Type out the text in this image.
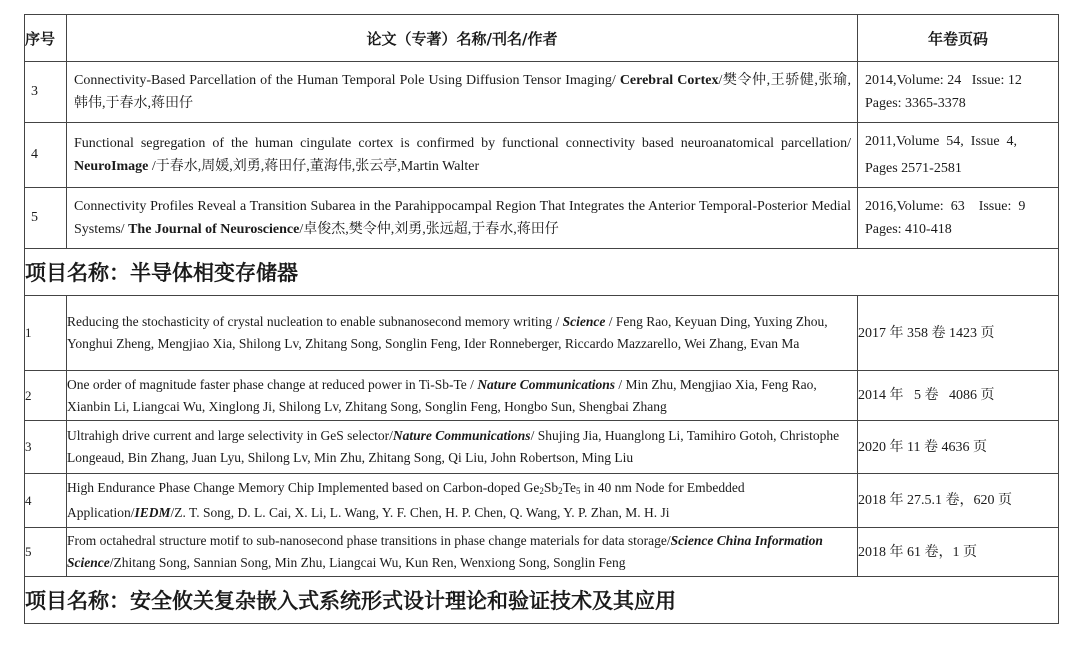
序号	论文（专著）名称/刊名/作者	年卷页码
3	Connectivity-Based Parcellation of the Human Temporal Pole Using Diffusion Tensor Imaging/ Cerebral Cortex/樊令仲,王骄健,张瑜,韩伟,于春水,蒋田仔	2014,Volume: 24   Issue: 12
Pages: 3365-3378

4	Functional segregation of the human cingulate cortex is confirmed by functional connectivity based neuroanatomical parcellation/ NeuroImage /于春水,周媛,刘勇,蒋田仔,董海伟,张云亭,Martin Walter	2011,Volume  54,  Issue  4,
Pages 2571-2581

5	Connectivity Profiles Reveal a Transition Subarea in the Parahippocampal Region That Integrates the Anterior Temporal-Posterior Medial Systems/ The Journal of Neuroscience/卓俊杰,樊令仲,刘勇,张远超,于春水,蒋田仔	2016,Volume:  63    Issue:  9
Pages: 410-418

项目名称：半导体相变存储器		
1	Reducing the stochasticity of crystal nucleation to enable subnanosecond memory writing / Science / Feng Rao, Keyuan Ding, Yuxing Zhou, Yonghui Zheng, Mengjiao Xia, Shilong Lv, Zhitang Song, Songlin Feng, Ider Ronneberger, Riccardo Mazzarello, Wei Zhang, Evan Ma	2017 年 358 卷 1423 页
2	One order of magnitude faster phase change at reduced power in Ti-Sb-Te / Nature Communications / Min Zhu, Mengjiao Xia, Feng Rao, Xianbin Li, Liangcai Wu, Xinglong Ji, Shilong Lv, Zhitang Song, Songlin Feng, Hongbo Sun, Shengbai Zhang	2014 年   5 卷   4086 页
3	Ultrahigh drive current and large selectivity in GeS selector/Nature Communications/ Shujing Jia, Huanglong Li, Tamihiro Gotoh, Christophe Longeaud, Bin Zhang, Juan Lyu, Shilong Lv, Min Zhu, Zhitang Song, Qi Liu, John Robertson, Ming Liu	2020 年 11 卷 4636 页
4	High Endurance Phase Change Memory Chip Implemented based on Carbon-doped $Ge_2Sb_2Te_5$ in 40 nm Node for Embedded Application/IEDM/Z. T. Song, D. L. Cai, X. Li, L. Wang, Y. F. Chen, H. P. Chen, Q. Wang, Y. P. Zhan, M. H. Ji	2018 年 27.5.1 卷，620 页
5	From octahedral structure motif to sub-nanosecond phase transitions in phase change materials for data storage/Science China Information Science/Zhitang Song, Sannian Song, Min Zhu, Liangcai Wu, Kun Ren, Wenxiong Song, Songlin Feng	2018 年 61 卷，1 页
项目名称：安全攸关复杂嵌入式系统形式设计理论和验证技术及其应用		
